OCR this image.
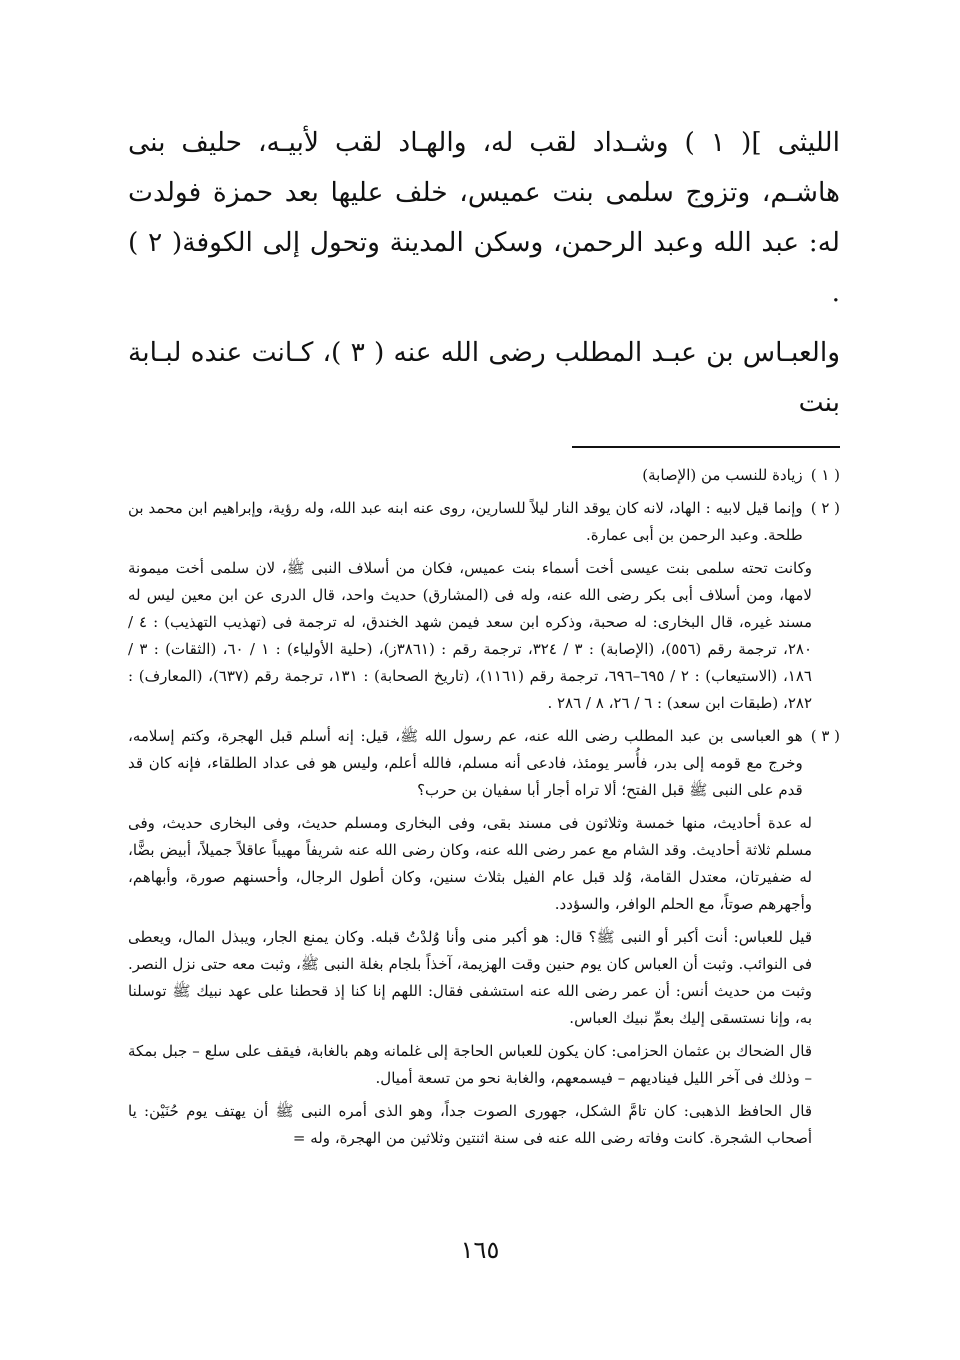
الليثى ]( ١ ) وشـداد لقب له، والهـاد لقب لأبيـه، حليف بنى هاشـم، وتزوج سلمى بنت عميس، خلف عليها بعد حمزة فولدت له: عبد الله وعبد الرحمن، وسكن المدينة وتحول إلى الكوفة( ٢ ) .

والعبـاس بن عبـد المطلب رضى الله عنه ( ٣ )، كـانت عنده لبـابة بنت

( ١ )
زيادة للنسب من (الإصابة)
( ٢ )
وإنما قيل لابيه : الهاد، لانه كان يوقد النار ليلاً للسارين، روى عنه ابنه عبد الله، وله رؤية، وإبراهيم ابن محمد بن طلحة. وعبد الرحمن بن أبى عمارة.

وكانت تحته سلمى بنت عيسى أخت أسماء بنت عميس، فكان من أسلاف النبى ﷺ، لان سلمى أخت ميمونة لامها، ومن أسلاف أبى بكر رضى الله عنه، وله فى (المشارق) حديث واحد، قال الدرى عن ابن معين ليس له مسند غيره، قال البخارى: له صحبة، وذكره ابن سعد فيمن شهد الخندق، له ترجمة فى (تهذيب التهذيب) : ٤ / ٢٨٠، ترجمة رقم (٥٥٦)، (الإصابة) : ٣ / ٣٢٤، ترجمة رقم : (٣٨٦١ز)، (حلية الأولياء) : ١ / ٦٠، (الثقات) : ٣ / ١٨٦، (الاستيعاب) : ٢ / ٦٩٥–٦٩٦، ترجمة رقم (١١٦١)، (تاريخ الصحابة) : ١٣١، ترجمة رقم (٦٣٧)، (المعارف) : ٢٨٢، (طبقات ابن سعد) : ٦ / ٢٦، ٨ / ٢٨٦ .

( ٣ )
هو العباسى بن عبد المطلب رضى الله عنه، عم رسول الله ﷺ، قيل: إنه أسلم قبل الهجرة، وكتم إسلامه، وخرج مع قومه إلى بدر، فأُسر يومئذ، فادعى أنه مسلم، فالله أعلم، وليس هو فى عداد الطلقاء، فإنه كان قد قدم على النبى ﷺ قبل الفتح؛ ألا تراه أجار أبا سفيان بن حرب؟

له عدة أحاديث، منها خمسة وثلاثون فى مسند بقى، وفى البخارى ومسلم حديث، وفى البخارى حديث، وفى مسلم ثلاثة أحاديث. وقد الشام مع عمر رضى الله عنه، وكان رضى الله عنه شريفاً مهيباً عاقلاً جميلاً، أبيض بضًّا، له ضفيرتان، معتدل القامة، وُلد قبل عام الفيل بثلاث سنين، وكان أطول الرجال، وأحسنهم صورة، وأبهاهم، وأجهرهم صوتاً، مع الحلم الوافر، والسؤدد.

قيل للعباس: أنت أكبر أو النبى ﷺ؟ قال: هو أكبر منى وأنا وُلدْتُ قبله. وكان يمنع الجار، ويبذل المال، ويعطى فى النوائب. وثبت أن العباس كان يوم حنين وقت الهزيمة، آخذاً بلجام بغلة النبى ﷺ، وثبت معه حتى نزل النصر. وثبت من حديث أنس: أن عمر رضى الله عنه استشفى فقال: اللهم إنا كنا إذ قحطنا على عهد نبيك ﷺ توسلنا به، وإنا نستسقى إليك بعمِّ نبيك العباس.

قال الضحاك بن عثمان الحزامى: كان يكون للعباس الحاجة إلى غلمانه وهم بالغابة، فيقف على سلع – جبل بمكة – وذلك فى آخر الليل فيناديهم – فيسمعهم، والغابة نحو من تسعة أميال.

قال الحافظ الذهبى: كان تامَّ الشكل، جهورى الصوت جداً، وهو الذى أمره النبى ﷺ أن يهتف يوم حُنَيْن: يا أصحاب الشجرة. كانت وفاته رضى الله عنه فى سنة اثنتين وثلاثين من الهجرة، وله =

١٦٥
